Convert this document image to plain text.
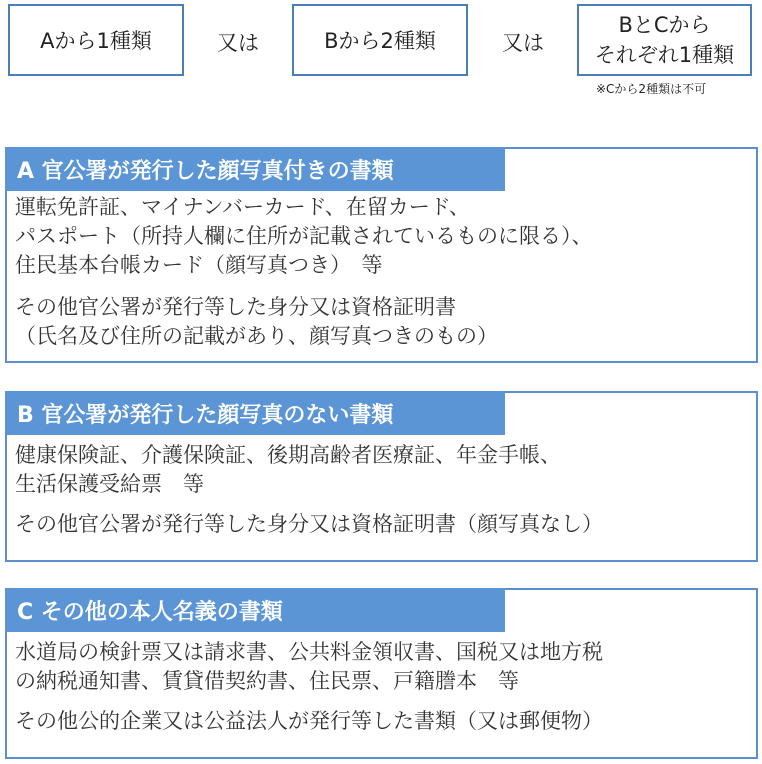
Aから1種類	又は	Bから2種類	又は
BとCから
それぞれ1種類
※Cから2種類は不可
A 官公署が発行した顔写真付きの書類
運転免許証、マイナンバーカード、在留カード、
パスポート（所持人欄に住所が記載されているものに限る）、
住民基本台帳カード（顔写真つき）　等
その他官公署が発行等した身分又は資格証明書
（氏名及び住所の記載があり、顔写真つきのもの）
B 官公署が発行した顔写真のない書類
健康保険証、介護保険証、後期高齢者医療証、年金手帳、
生活保護受給票　等
その他官公署が発行等した身分又は資格証明書（顔写真なし）
C その他の本人名義の書類
水道局の検針票又は請求書、公共料金領収書、国税又は地方税
の納税通知書、賃貸借契約書、住民票、戸籍謄本　等
その他公的企業又は公益法人が発行等した書類（又は郵便物）
